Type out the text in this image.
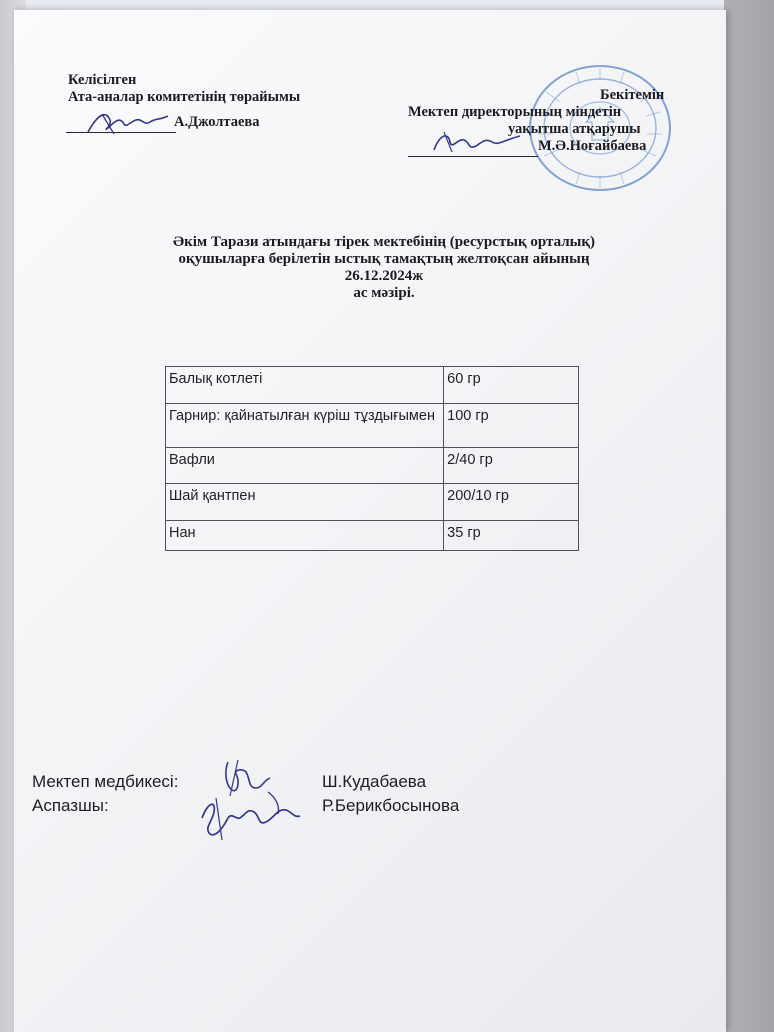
Келісілген
Ата-аналар комитетінің төрайымы
А.Джолтаева
Бекітемін
Мектеп директорының міндетін
уақытша атқарушы
М.Ә.Ноғайбаева
Әкім Тарази атындағы тірек мектебінің (ресурстық орталық)
оқушыларға берілетін ыстық тамақтың желтоқсан айының
26.12.2024ж
ас мәзірі.
Балық котлеті	60 гр
Гарнир: қайнатылған күріш тұздығымен	100 гр
Вафли	2/40 гр
Шай қантпен	200/10 гр
Нан	35 гр
Мектеп медбикесі:	Ш.Кудабаева
Аспазшы:	Р.Берикбосынова
